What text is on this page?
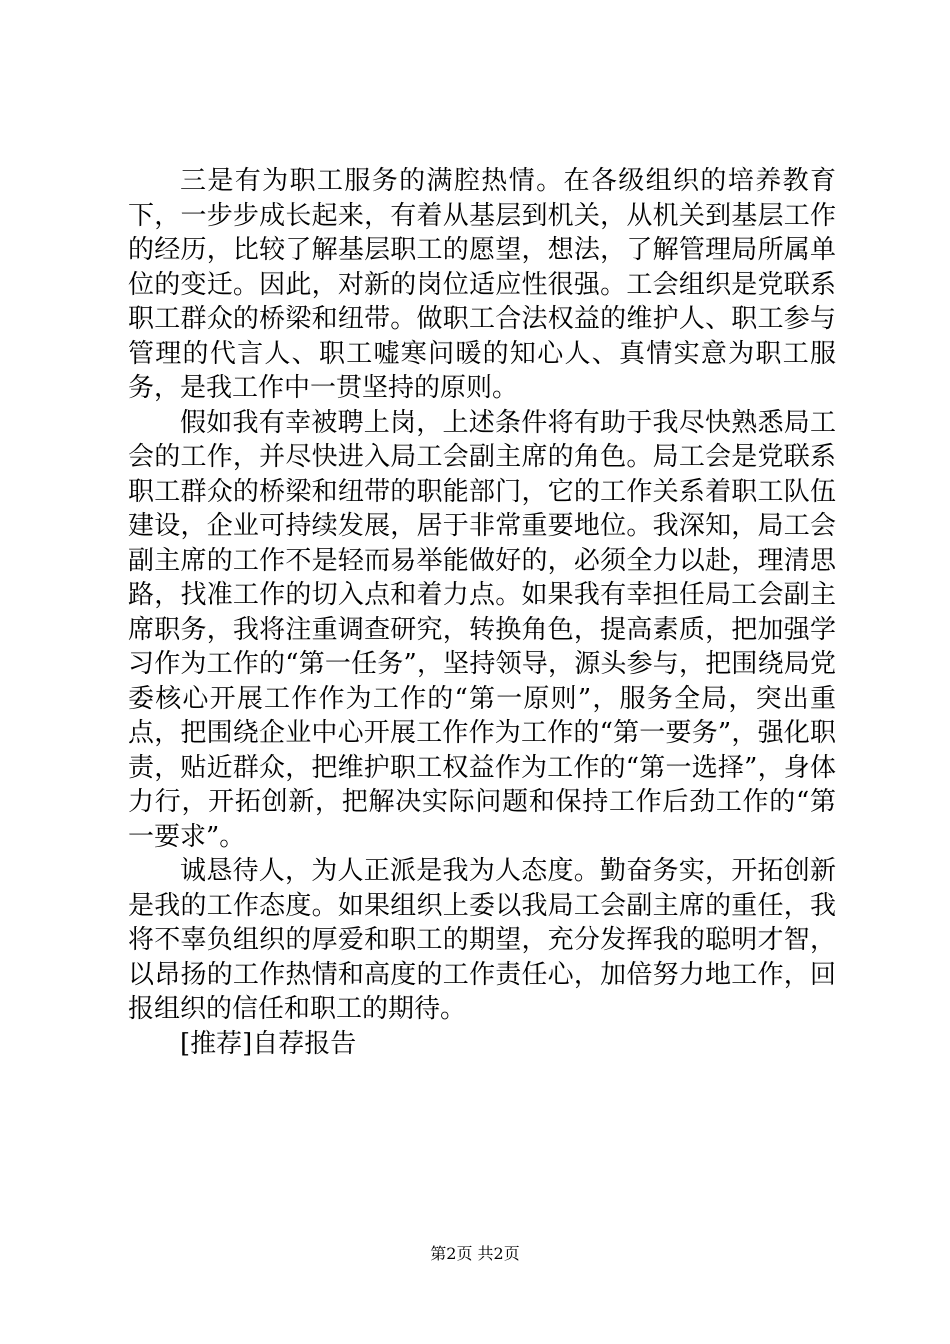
三是有为职工服务的满腔热情。在各级组织的培养教育下，一步步成长起来，有着从基层到机关，从机关到基层工作的经历，比较了解基层职工的愿望，想法，了解管理局所属单位的变迁。因此，对新的岗位适应性很强。工会组织是党联系职工群众的桥梁和纽带。做职工合法权益的维护人、职工参与管理的代言人、职工嘘寒问暖的知心人、真情实意为职工服务，是我工作中一贯坚持的原则。

假如我有幸被聘上岗，上述条件将有助于我尽快熟悉局工会的工作，并尽快进入局工会副主席的角色。局工会是党联系职工群众的桥梁和纽带的职能部门，它的工作关系着职工队伍建设，企业可持续发展，居于非常重要地位。我深知，局工会副主席的工作不是轻而易举能做好的，必须全力以赴，理清思路，找准工作的切入点和着力点。如果我有幸担任局工会副主席职务，我将注重调查研究，转换角色，提高素质，把加强学习作为工作的“第一任务”，坚持领导，源头参与，把围绕局党委核心开展工作作为工作的“第一原则”，服务全局，突出重点，把围绕企业中心开展工作作为工作的“第一要务”，强化职责，贴近群众，把维护职工权益作为工作的“第一选择”，身体力行，开拓创新，把解决实际问题和保持工作后劲工作的“第一要求”。

诚恳待人，为人正派是我为人态度。勤奋务实，开拓创新是我的工作态度。如果组织上委以我局工会副主席的重任，我将不辜负组织的厚爱和职工的期望，充分发挥我的聪明才智，以昂扬的工作热情和高度的工作责任心，加倍努力地工作，回报组织的信任和职工的期待。

[推荐]自荐报告

第2页 共2页
